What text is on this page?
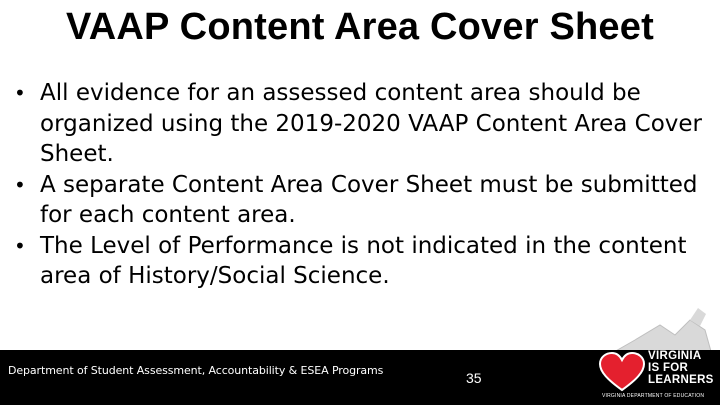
VAAP Content Area Cover Sheet
• All evidence for an assessed content area should be organized using the 2019-2020 VAAP Content Area Cover Sheet.
• A separate Content Area Cover Sheet must be submitted for each content area.
• The Level of Performance is not indicated in the content area of History/Social Science.
Department of Student Assessment, Accountability & ESEA Programs	35
VIRGINIA
IS FOR
LEARNERS
VIRGINIA DEPARTMENT OF EDUCATION
